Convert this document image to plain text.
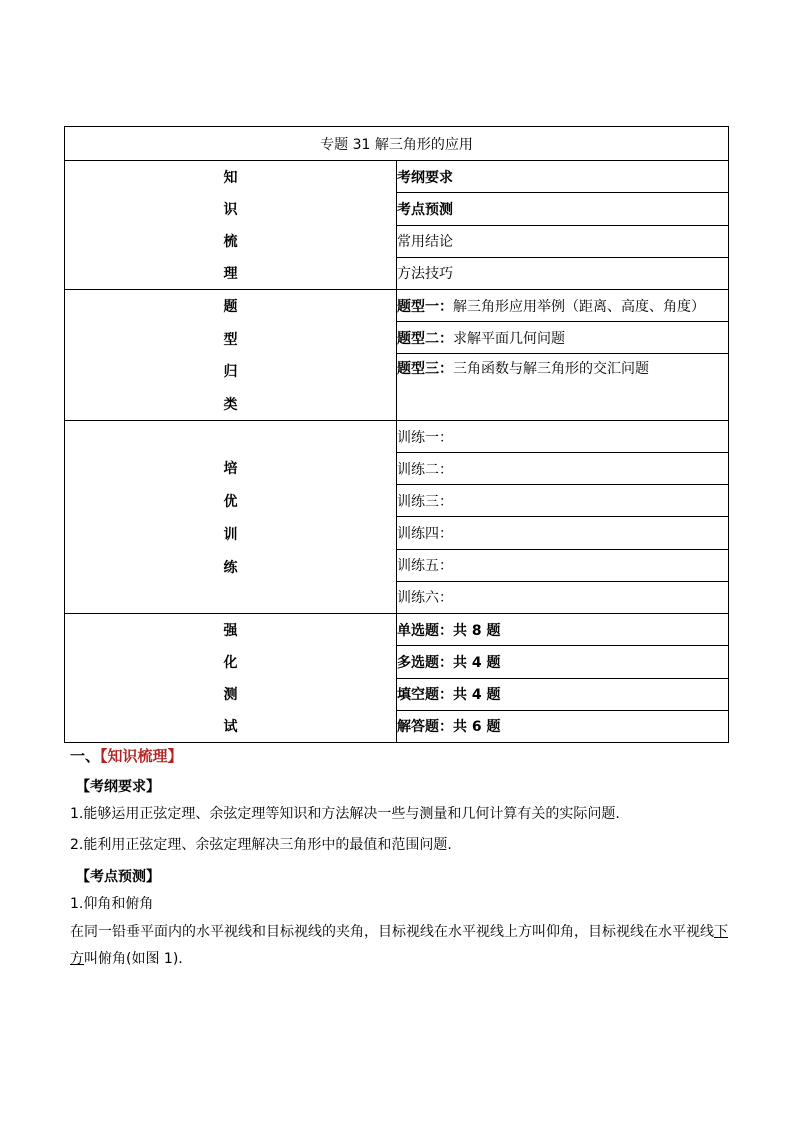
专题 31 解三角形的应用	

知
识
梳
理	考纲要求
	考点预测
	常用结论
	方法技巧

题
型
归
类	题型一：解三角形应用举例（距离、高度、角度）
	题型二：求解平面几何问题
	题型三：三角函数与解三角形的交汇问题

培
优
训
练	训练一：
	训练二：
	训练三：
	训练四：
	训练五：
	训练六：

强
化
测
试	单选题：共 8 题
	多选题：共 4 题
	填空题：共 4 题
	解答题：共 6 题
一、【知识梳理】
【考纲要求】

1.能够运用正弦定理、余弦定理等知识和方法解决一些与测量和几何计算有关的实际问题.

2.能利用正弦定理、余弦定理解决三角形中的最值和范围问题.

【考点预测】

1.仰角和俯角

在同一铅垂平面内的水平视线和目标视线的夹角，目标视线在水平视线上方叫仰角，目标视线在水平视线下方叫俯角(如图 1).
